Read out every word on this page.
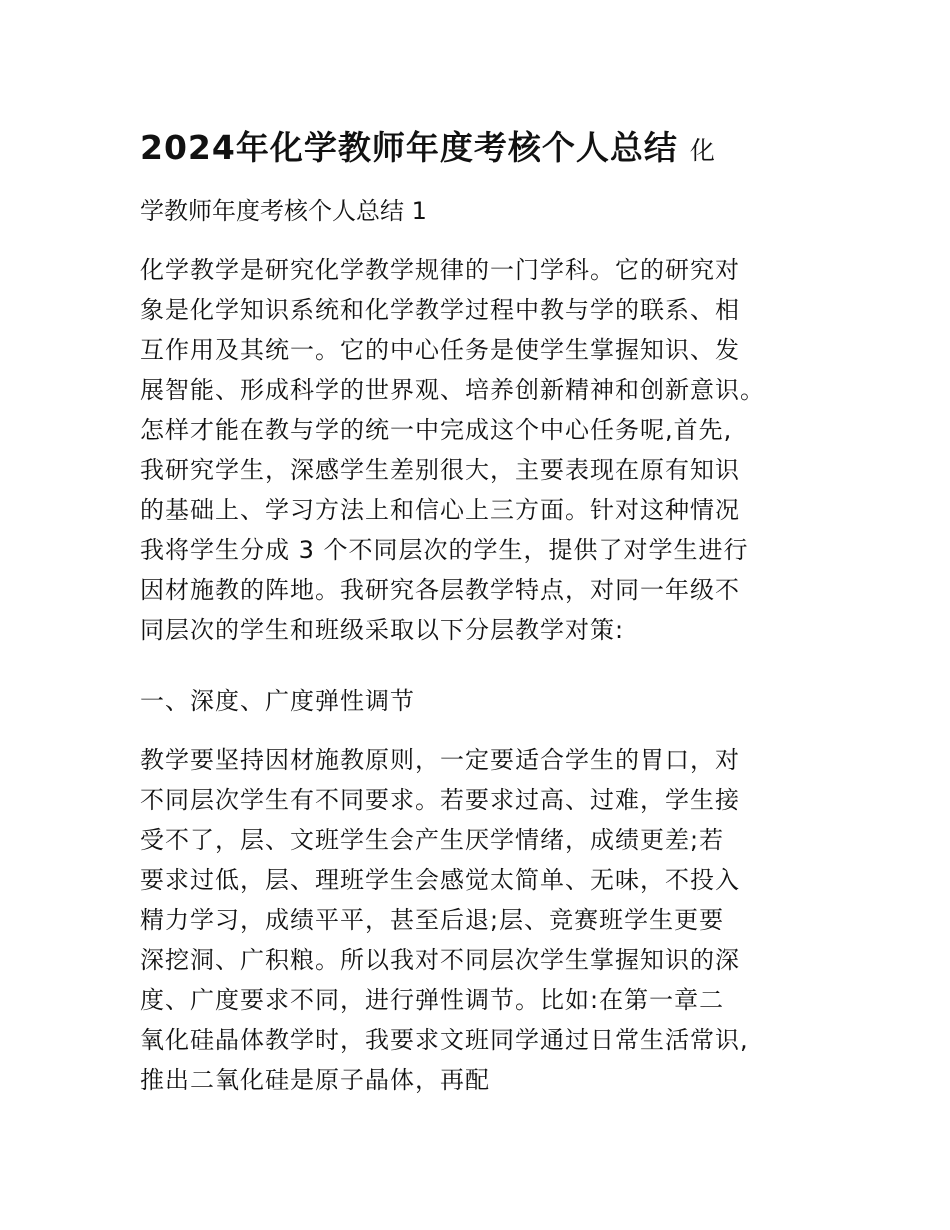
2024年化学教师年度考核个人总结 化
学教师年度考核个人总结 1
化学教学是研究化学教学规律的一门学科。它的研究对
象是化学知识系统和化学教学过程中教与学的联系、相
互作用及其统一。它的中心任务是使学生掌握知识、发
展智能、形成科学的世界观、培养创新精神和创新意识。
怎样才能在教与学的统一中完成这个中心任务呢,首先,
我研究学生，深感学生差别很大，主要表现在原有知识
的基础上、学习方法上和信心上三方面。针对这种情况
我将学生分成 3 个不同层次的学生，提供了对学生进行
因材施教的阵地。我研究各层教学特点，对同一年级不
同层次的学生和班级采取以下分层教学对策:
一、深度、广度弹性调节
教学要坚持因材施教原则，一定要适合学生的胃口，对
不同层次学生有不同要求。若要求过高、过难，学生接
受不了，层、文班学生会产生厌学情绪，成绩更差;若
要求过低，层、理班学生会感觉太简单、无味，不投入
精力学习，成绩平平，甚至后退;层、竞赛班学生更要
深挖洞、广积粮。所以我对不同层次学生掌握知识的深
度、广度要求不同，进行弹性调节。比如:在第一章二
氧化硅晶体教学时，我要求文班同学通过日常生活常识,
推出二氧化硅是原子晶体，再配
